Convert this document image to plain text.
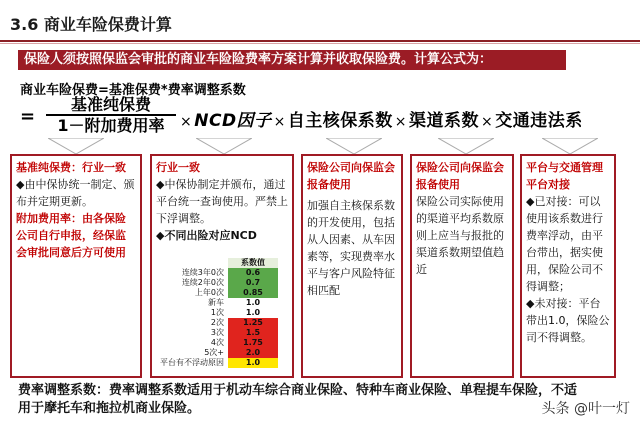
3.6 商业车险保费计算
保险人须按照保监会审批的商业车险险费率方案计算并收取保险费。计算公式为：
商业车险保费=基准保费*费率调整系数
=
基准纯保费
1－附加费用率	× NCD因子 × 自主核保系数 × 渠道系数 × 交通违法系
基准纯保费：行业一致
◆由中保协统一制定、颁布并定期更新。
附加费用率：由各保险公司自行申报，经保监会审批同意后方可使用
行业一致
◆中保协制定并颁布，通过平台统一查询使用。严禁上下浮调整。
◆不同出险对应NCD
系数值
连续3年0次	0.6
连续2年0次	0.7
上年0次	0.85
新车	1.0
1次	1.0
2次	1.25
3次	1.5
4次	1.75
5次+	2.0
平台有不浮动原因	1.0
保险公司向保监会报备使用
加强自主核保系数的开发使用，包括从人因素、从车因素等，实现费率水平与客户风险特征相匹配
保险公司向保监会报备使用
保险公司实际使用的渠道平均系数原则上应当与报批的渠道系数期望值趋近
平台与交通管理平台对接
◆已对接：可以使用该系数进行费率浮动，由平台带出，据实使用，保险公司不得调整；
◆未对接：平台带出1.0，保险公司不得调整。
费率调整系数：费率调整系数适用于机动车综合商业保险、特种车商业保险、单程提车保险，不适用于摩托车和拖拉机商业保险。	头条 @叶一灯
